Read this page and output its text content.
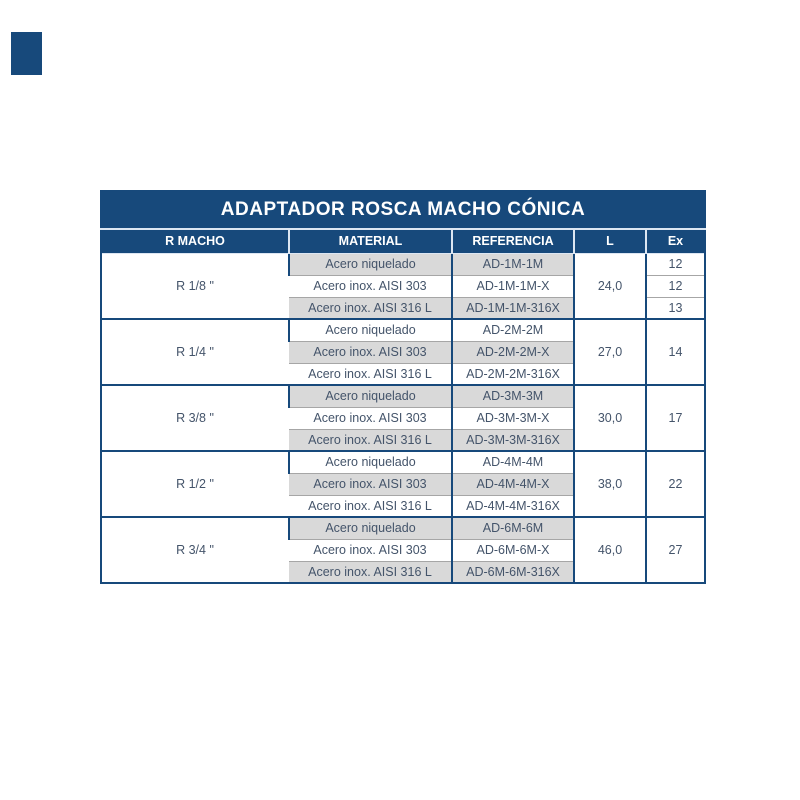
ADAPTADOR ROSCA MACHO CÓNICA				
R MACHO	MATERIAL	REFERENCIA	L	Ex
R 1/8 "	Acero niquelado	AD-1M-1M	24,0	12
	Acero inox. AISI 303	AD-1M-1M-X		12
	Acero inox. AISI 316 L	AD-1M-1M-316X		13
R 1/4 "	Acero niquelado	AD-2M-2M	27,0	14
	Acero inox. AISI 303	AD-2M-2M-X		
	Acero inox. AISI 316 L	AD-2M-2M-316X		
R 3/8 "	Acero niquelado	AD-3M-3M	30,0	17
	Acero inox. AISI 303	AD-3M-3M-X		
	Acero inox. AISI 316 L	AD-3M-3M-316X		
R 1/2 "	Acero niquelado	AD-4M-4M	38,0	22
	Acero inox. AISI 303	AD-4M-4M-X		
	Acero inox. AISI 316 L	AD-4M-4M-316X		
R 3/4 "	Acero niquelado	AD-6M-6M	46,0	27
	Acero inox. AISI 303	AD-6M-6M-X		
	Acero inox. AISI 316 L	AD-6M-6M-316X		
